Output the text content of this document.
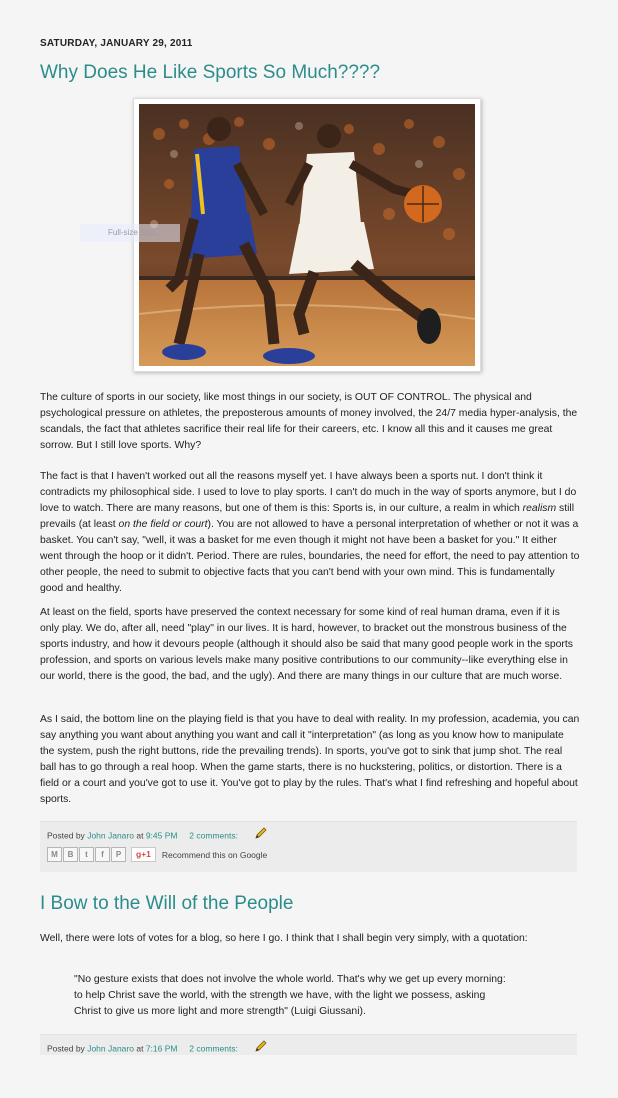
SATURDAY, JANUARY 29, 2011
Why Does He Like Sports So Much????
Full-size Spo...

The culture of sports in our society, like most things in our society, is OUT OF CONTROL. The physical and psychological pressure on athletes, the preposterous amounts of money involved, the 24/7 media hyper-analysis, the scandals, the fact that athletes sacrifice their real life for their careers, etc. I know all this and it causes me great sorrow. But I still love sports. Why?

The fact is that I haven't worked out all the reasons myself yet. I have always been a sports nut. I don't think it contradicts my philosophical side. I used to love to play sports. I can't do much in the way of sports anymore, but I do love to watch. There are many reasons, but one of them is this: Sports is, in our culture, a realm in which realism still prevails (at least on the field or court). You are not allowed to have a personal interpretation of whether or not it was a basket. You can't say, "well, it was a basket for me even though it might not have been a basket for you." It either went through the hoop or it didn't. Period. There are rules, boundaries, the need for effort, the need to pay attention to other people, the need to submit to objective facts that you can't bend with your own mind. This is fundamentally good and healthy.

At least on the field, sports have preserved the context necessary for some kind of real human drama, even if it is only play. We do, after all, need "play" in our lives. It is hard, however, to bracket out the monstrous business of the sports industry, and how it devours people (although it should also be said that many good people work in the sports profession, and sports on various levels make many positive contributions to our community--like everything else in our world, there is the good, the bad, and the ugly). And there are many things in our culture that are much worse.

As I said, the bottom line on the playing field is that you have to deal with reality. In my profession, academia, you can say anything you want about anything you want and call it "interpretation" (as long as you know how to manipulate the system, push the right buttons, ride the prevailing trends). In sports, you've got to sink that jump shot. The real ball has to go through a real hoop. When the game starts, there is no huckstering, politics, or distortion. There is a field or a court and you've got to use it. You've got to play by the rules. That's what I find refreshing and hopeful about sports.

Posted by John Janaro at 9:45 PM 2 comments:
M	B	t	f	P	g+1	Recommend this on Google
I Bow to the Will of the People

Well, there were lots of votes for a blog, so here I go. I think that I shall begin very simply, with a quotation:

"No gesture exists that does not involve the whole world. That's why we get up every morning:
to help Christ save the world, with the strength we have, with the light we possess, asking
Christ to give us more light and more strength" (Luigi Giussani).
Posted by John Janaro at 7:16 PM 2 comments:
